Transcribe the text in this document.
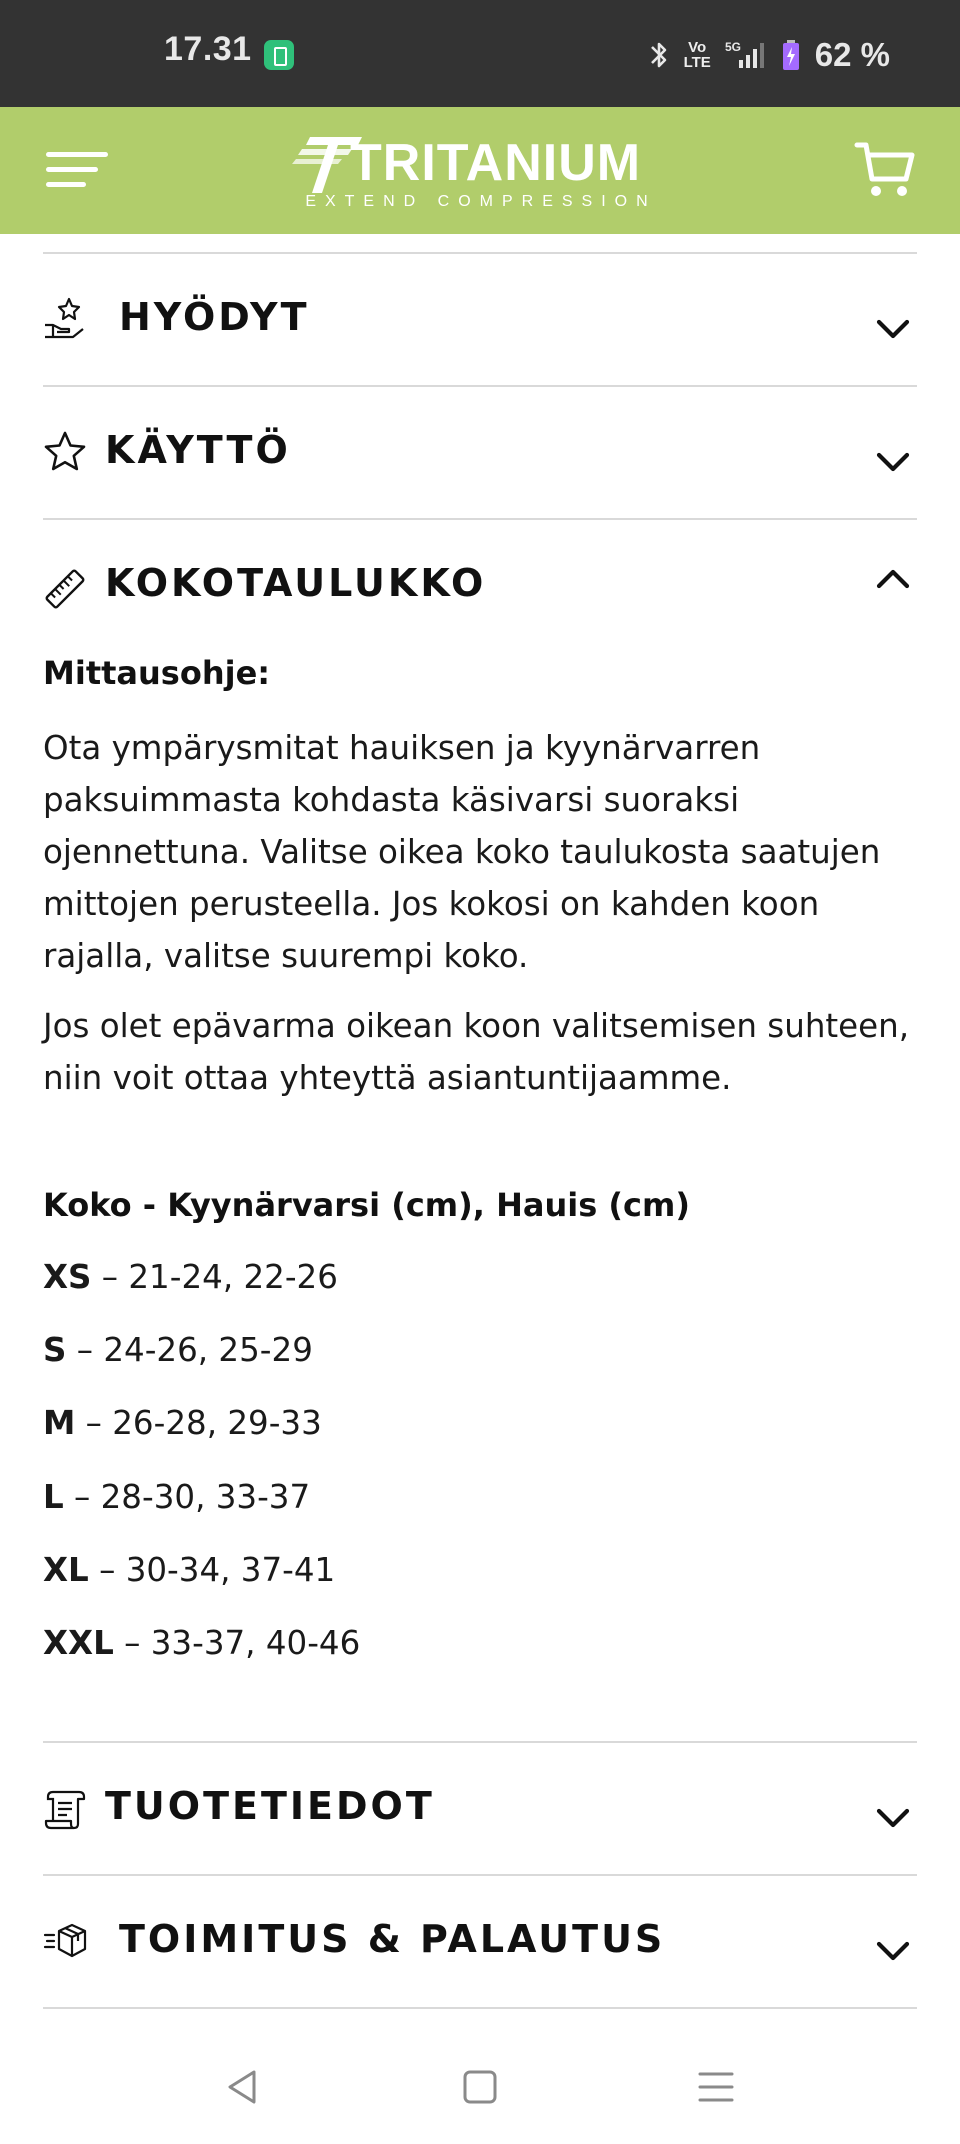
17.31	Vo
LTE
5G 62 %
TRITANIUM
EXTEND COMPRESSION
HYÖDYT
KÄYTTÖ
KOKOTAULUKKO
Mittausohje:

Ota ympärysmitat hauiksen ja kyynärvarren paksuimmasta kohdasta käsivarsi suoraksi ojennettuna. Valitse oikea koko taulukosta saatujen mittojen perusteella. Jos kokosi on kahden koon rajalla, valitse suurempi koko.

Jos olet epävarma oikean koon valitsemisen suhteen, niin voit ottaa yhteyttä asiantuntijaamme.

Koko - Kyynärvarsi (cm), Hauis (cm)
XS – 21-24, 22-26
S – 24-26, 25-29
M – 26-28, 29-33
L – 28-30, 33-37
XL – 30-34, 37-41
XXL – 33-37, 40-46
TUOTETIEDOT
TOIMITUS & PALAUTUS
